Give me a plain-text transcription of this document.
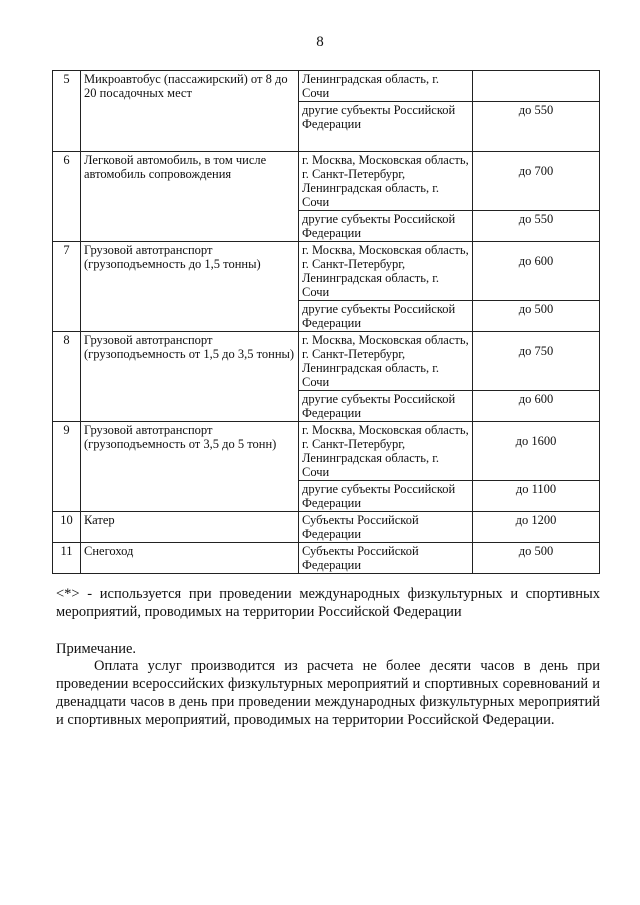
8
5	Микроавтобус (пассажирский) от 8 до 20 посадочных мест	Ленинградская область, г. Сочи	
		другие субъекты Российской Федерации	до 550
6	Легковой автомобиль, в том числе автомобиль сопровождения	г. Москва, Московская область, г. Санкт-Петербург, Ленинградская область, г. Сочи	до 700
		другие субъекты Российской Федерации	до 550
7	Грузовой автотранспорт (грузоподъемность до 1,5 тонны)	г. Москва, Московская область, г. Санкт-Петербург, Ленинградская область, г. Сочи	до 600
		другие субъекты Российской Федерации	до 500
8	Грузовой автотранспорт (грузоподъемность от 1,5 до 3,5 тонны)	г. Москва, Московская область, г. Санкт-Петербург, Ленинградская область, г. Сочи	до 750
		другие субъекты Российской Федерации	до 600
9	Грузовой автотранспорт (грузоподъемность от 3,5 до 5 тонн)	г. Москва, Московская область, г. Санкт-Петербург, Ленинградская область, г. Сочи	до 1600
		другие субъекты Российской Федерации	до 1100
10	Катер	Субъекты Российской Федерации	до 1200
11	Снегоход	Субъекты Российской Федерации	до 500
<*> - используется при проведении международных физкультурных и спортивных мероприятий, проводимых на территории Российской Федерации
Примечание.
Оплата услуг производится из расчета не более десяти часов в день при проведении всероссийских физкультурных мероприятий и спортивных соревнований и двенадцати часов в день при проведении международных физкультурных мероприятий и спортивных мероприятий, проводимых на территории Российской Федерации.
